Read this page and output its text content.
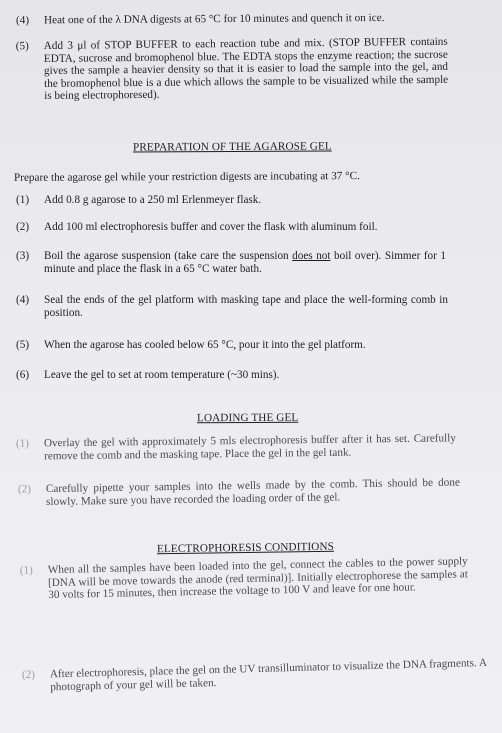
(4)	Heat one of the λ DNA digests at 65 °C for 10 minutes and quench it on ice.
(5)	Add 3 μl of STOP BUFFER to each reaction tube and mix. (STOP BUFFER contains EDTA, sucrose and bromophenol blue. The EDTA stops the enzyme reaction; the sucrose gives the sample a heavier density so that it is easier to load the sample into the gel, and the bromophenol blue is a due which allows the sample to be visualized while the sample is being electrophoresed).
PREPARATION OF THE AGAROSE GEL
Prepare the agarose gel while your restriction digests are incubating at 37 °C.
(1)	Add 0.8 g agarose to a 250 ml Erlenmeyer flask.
(2)	Add 100 ml electrophoresis buffer and cover the flask with aluminum foil.
(3)	Boil the agarose suspension (take care the suspension does not boil over). Simmer for 1 minute and place the flask in a 65 °C water bath.
(4)	Seal the ends of the gel platform with masking tape and place the well-forming comb in position.
(5)	When the agarose has cooled below 65 °C, pour it into the gel platform.
(6)	Leave the gel to set at room temperature (~30 mins).
LOADING THE GEL
(1)	Overlay the gel with approximately 5 mls electrophoresis buffer after it has set. Carefully remove the comb and the masking tape. Place the gel in the gel tank.
(2)	Carefully pipette your samples into the wells made by the comb. This should be done slowly. Make sure you have recorded the loading order of the gel.
ELECTROPHORESIS CONDITIONS
(1)	When all the samples have been loaded into the gel, connect the cables to the power supply [DNA will be move towards the anode (red terminal)]. Initially electrophorese the samples at 30 volts for 15 minutes, then increase the voltage to 100 V and leave for one hour.
(2)	After electrophoresis, place the gel on the UV transilluminator to visualize the DNA fragments. A photograph of your gel will be taken.
